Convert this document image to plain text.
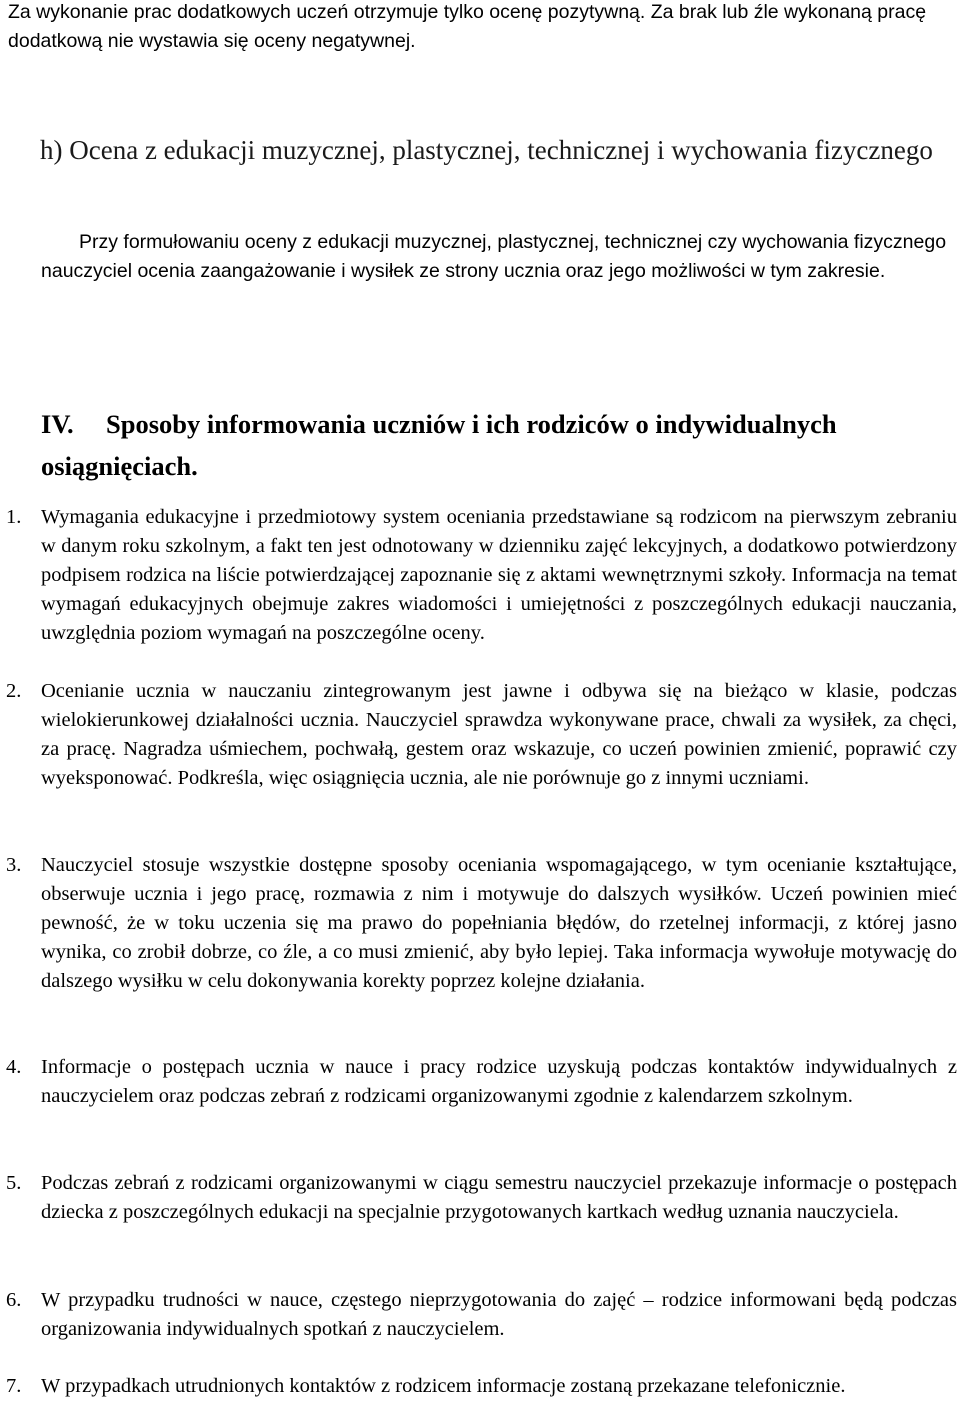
Za wykonanie prac dodatkowych uczeń otrzymuje tylko ocenę pozytywną. Za brak lub źle wykonaną pracę dodatkową nie wystawia się oceny negatywnej.

h) Ocena z edukacji muzycznej, plastycznej, technicznej i wychowania fizycznego

Przy formułowaniu oceny z edukacji muzycznej, plastycznej, technicznej czy wychowania fizycznego nauczyciel ocenia zaangażowanie i wysiłek ze strony ucznia oraz jego możliwości w tym zakresie.

IV. Sposoby informowania uczniów i ich rodziców o indywidualnych osiągnięciach.
1. Wymagania edukacyjne i przedmiotowy system oceniania przedstawiane są rodzicom na pierwszym zebraniu w danym roku szkolnym, a fakt ten jest odnotowany w dzienniku zajęć lekcyjnych, a dodatkowo potwierdzony podpisem rodzica na liście potwierdzającej zapoznanie się z aktami wewnętrznymi szkoły. Informacja na temat wymagań edukacyjnych obejmuje zakres wiadomości i umiejętności z poszczególnych edukacji nauczania, uwzględnia poziom wymagań na poszczególne oceny.
2. Ocenianie ucznia w nauczaniu zintegrowanym jest jawne i odbywa się na bieżąco w klasie, podczas wielokierunkowej działalności ucznia. Nauczyciel sprawdza wykonywane prace, chwali za wysiłek, za chęci, za pracę. Nagradza uśmiechem, pochwałą, gestem oraz wskazuje, co uczeń powinien zmienić, poprawić czy wyeksponować. Podkreśla, więc osiągnięcia ucznia, ale nie porównuje go z innymi uczniami.
3. Nauczyciel stosuje wszystkie dostępne sposoby oceniania wspomagającego, w tym ocenianie kształtujące, obserwuje ucznia i jego pracę, rozmawia z nim i motywuje do dalszych wysiłków. Uczeń powinien mieć pewność, że w toku uczenia się ma prawo do popełniania błędów, do rzetelnej informacji, z której jasno wynika, co zrobił dobrze, co źle, a co musi zmienić, aby było lepiej. Taka informacja wywołuje motywację do dalszego wysiłku w celu dokonywania korekty poprzez kolejne działania.
4. Informacje o postępach ucznia w nauce i pracy rodzice uzyskują podczas kontaktów indywidualnych z nauczycielem oraz podczas zebrań z rodzicami organizowanymi zgodnie z kalendarzem szkolnym.
5. Podczas zebrań z rodzicami organizowanymi w ciągu semestru nauczyciel przekazuje informacje o postępach dziecka z poszczególnych edukacji na specjalnie przygotowanych kartkach według uznania nauczyciela.
6. W przypadku trudności w nauce, częstego nieprzygotowania do zajęć – rodzice informowani będą podczas organizowania indywidualnych spotkań z nauczycielem.
7. W przypadkach utrudnionych kontaktów z rodzicem informacje zostaną przekazane telefonicznie.
